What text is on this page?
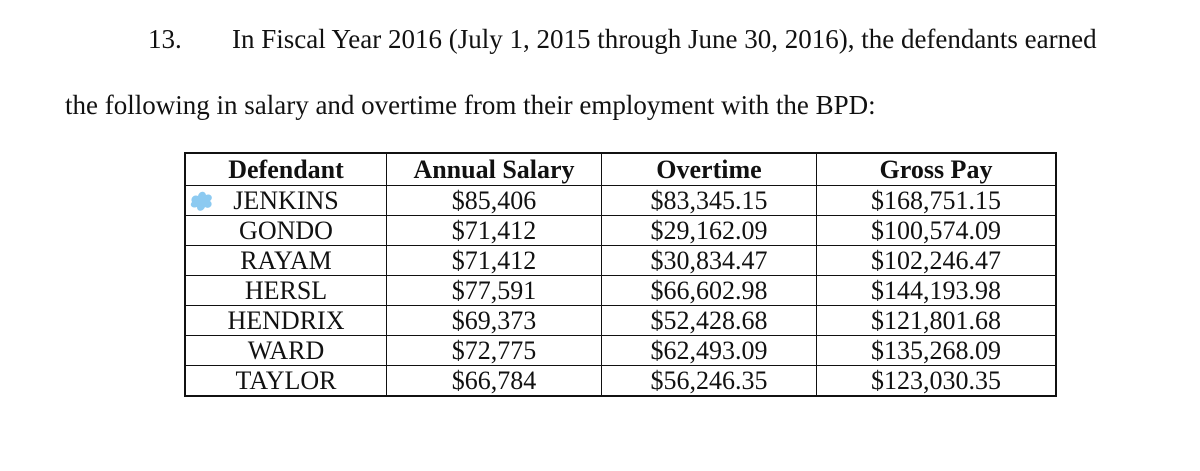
13. In Fiscal Year 2016 (July 1, 2015 through June 30, 2016), the defendants earned
the following in salary and overtime from their employment with the BPD:
Defendant	Annual Salary	Overtime	Gross Pay
JENKINS	$85,406	$83,345.15	$168,751.15
GONDO	$71,412	$29,162.09	$100,574.09
RAYAM	$71,412	$30,834.47	$102,246.47
HERSL	$77,591	$66,602.98	$144,193.98
HENDRIX	$69,373	$52,428.68	$121,801.68
WARD	$72,775	$62,493.09	$135,268.09
TAYLOR	$66,784	$56,246.35	$123,030.35
